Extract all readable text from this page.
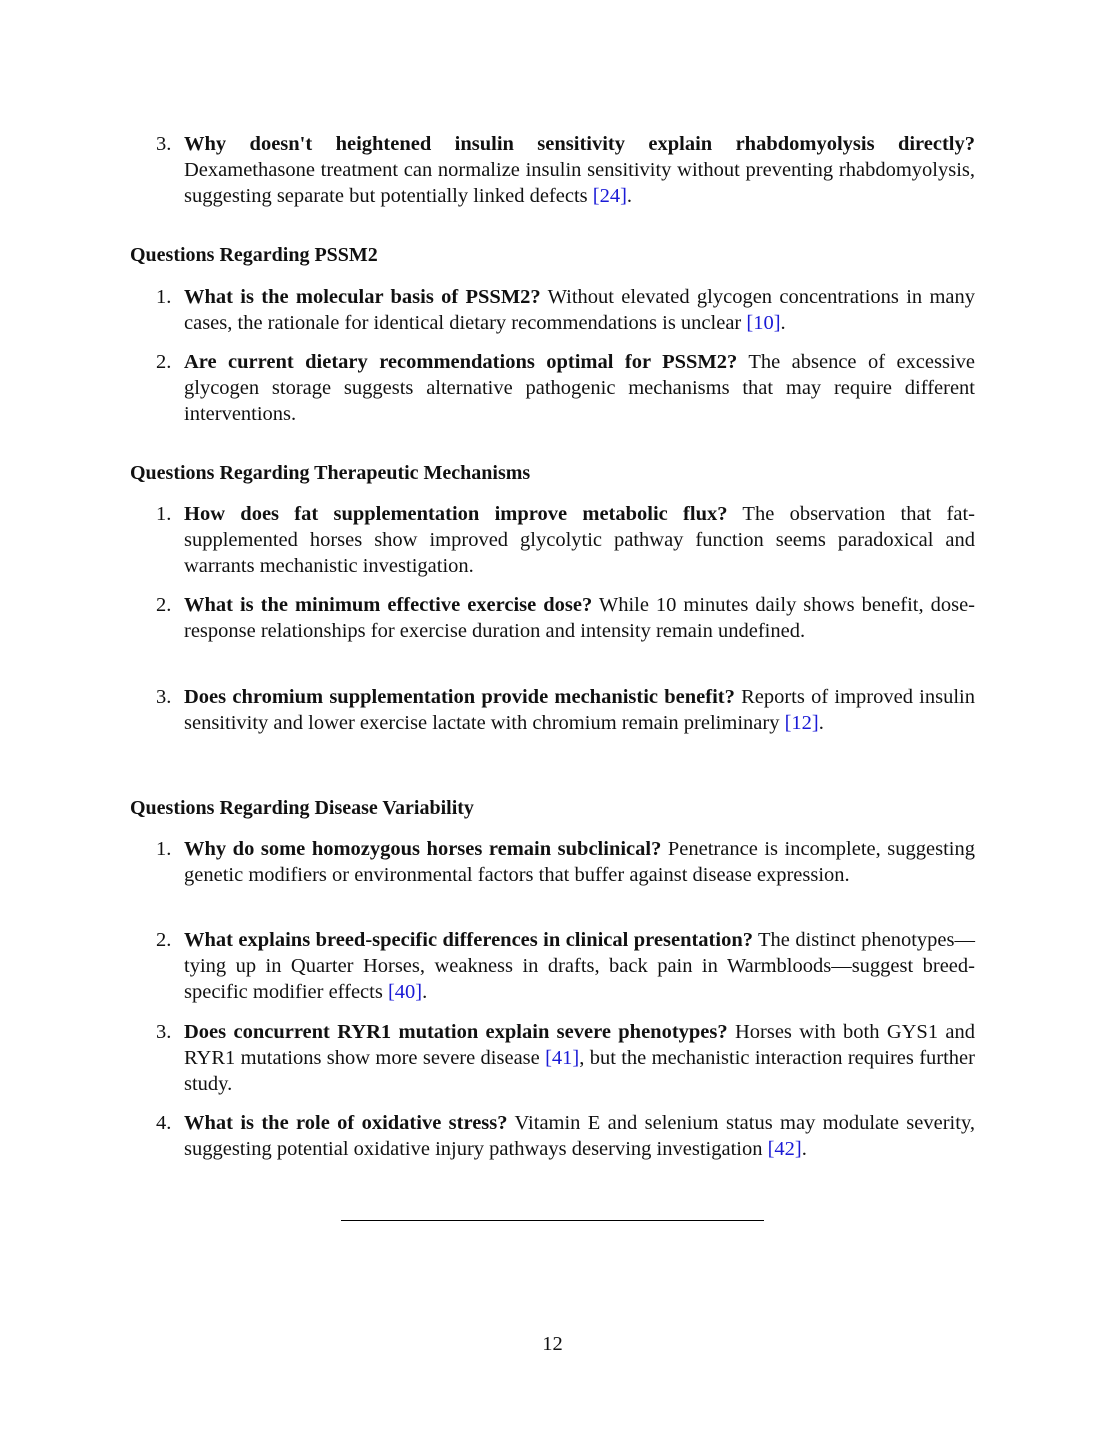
3. Why doesn't heightened insulin sensitivity explain rhabdomyolysis directly? Dexamethasone treatment can normalize insulin sensitivity without preventing rhabdomyolysis, suggesting separate but potentially linked defects [24].
Questions Regarding PSSM2
1. What is the molecular basis of PSSM2? Without elevated glycogen concentrations in many cases, the rationale for identical dietary recommendations is unclear [10].
2. Are current dietary recommendations optimal for PSSM2? The absence of excessive glycogen storage suggests alternative pathogenic mechanisms that may require different interventions.
Questions Regarding Therapeutic Mechanisms
1. How does fat supplementation improve metabolic flux? The observation that fat-supplemented horses show improved glycolytic pathway function seems paradoxical and warrants mechanistic investigation.
2. What is the minimum effective exercise dose? While 10 minutes daily shows benefit, dose-response relationships for exercise duration and intensity remain undefined.
3. Does chromium supplementation provide mechanistic benefit? Reports of improved insulin sensitivity and lower exercise lactate with chromium remain preliminary [12].
Questions Regarding Disease Variability
1. Why do some homozygous horses remain subclinical? Penetrance is incomplete, suggesting genetic modifiers or environmental factors that buffer against disease expression.
2. What explains breed-specific differences in clinical presentation? The distinct phenotypes—tying up in Quarter Horses, weakness in drafts, back pain in Warmbloods—suggest breed-specific modifier effects [40].
3. Does concurrent RYR1 mutation explain severe phenotypes? Horses with both GYS1 and RYR1 mutations show more severe disease [41], but the mechanistic interaction requires further study.
4. What is the role of oxidative stress? Vitamin E and selenium status may modulate severity, suggesting potential oxidative injury pathways deserving investigation [42].
12
